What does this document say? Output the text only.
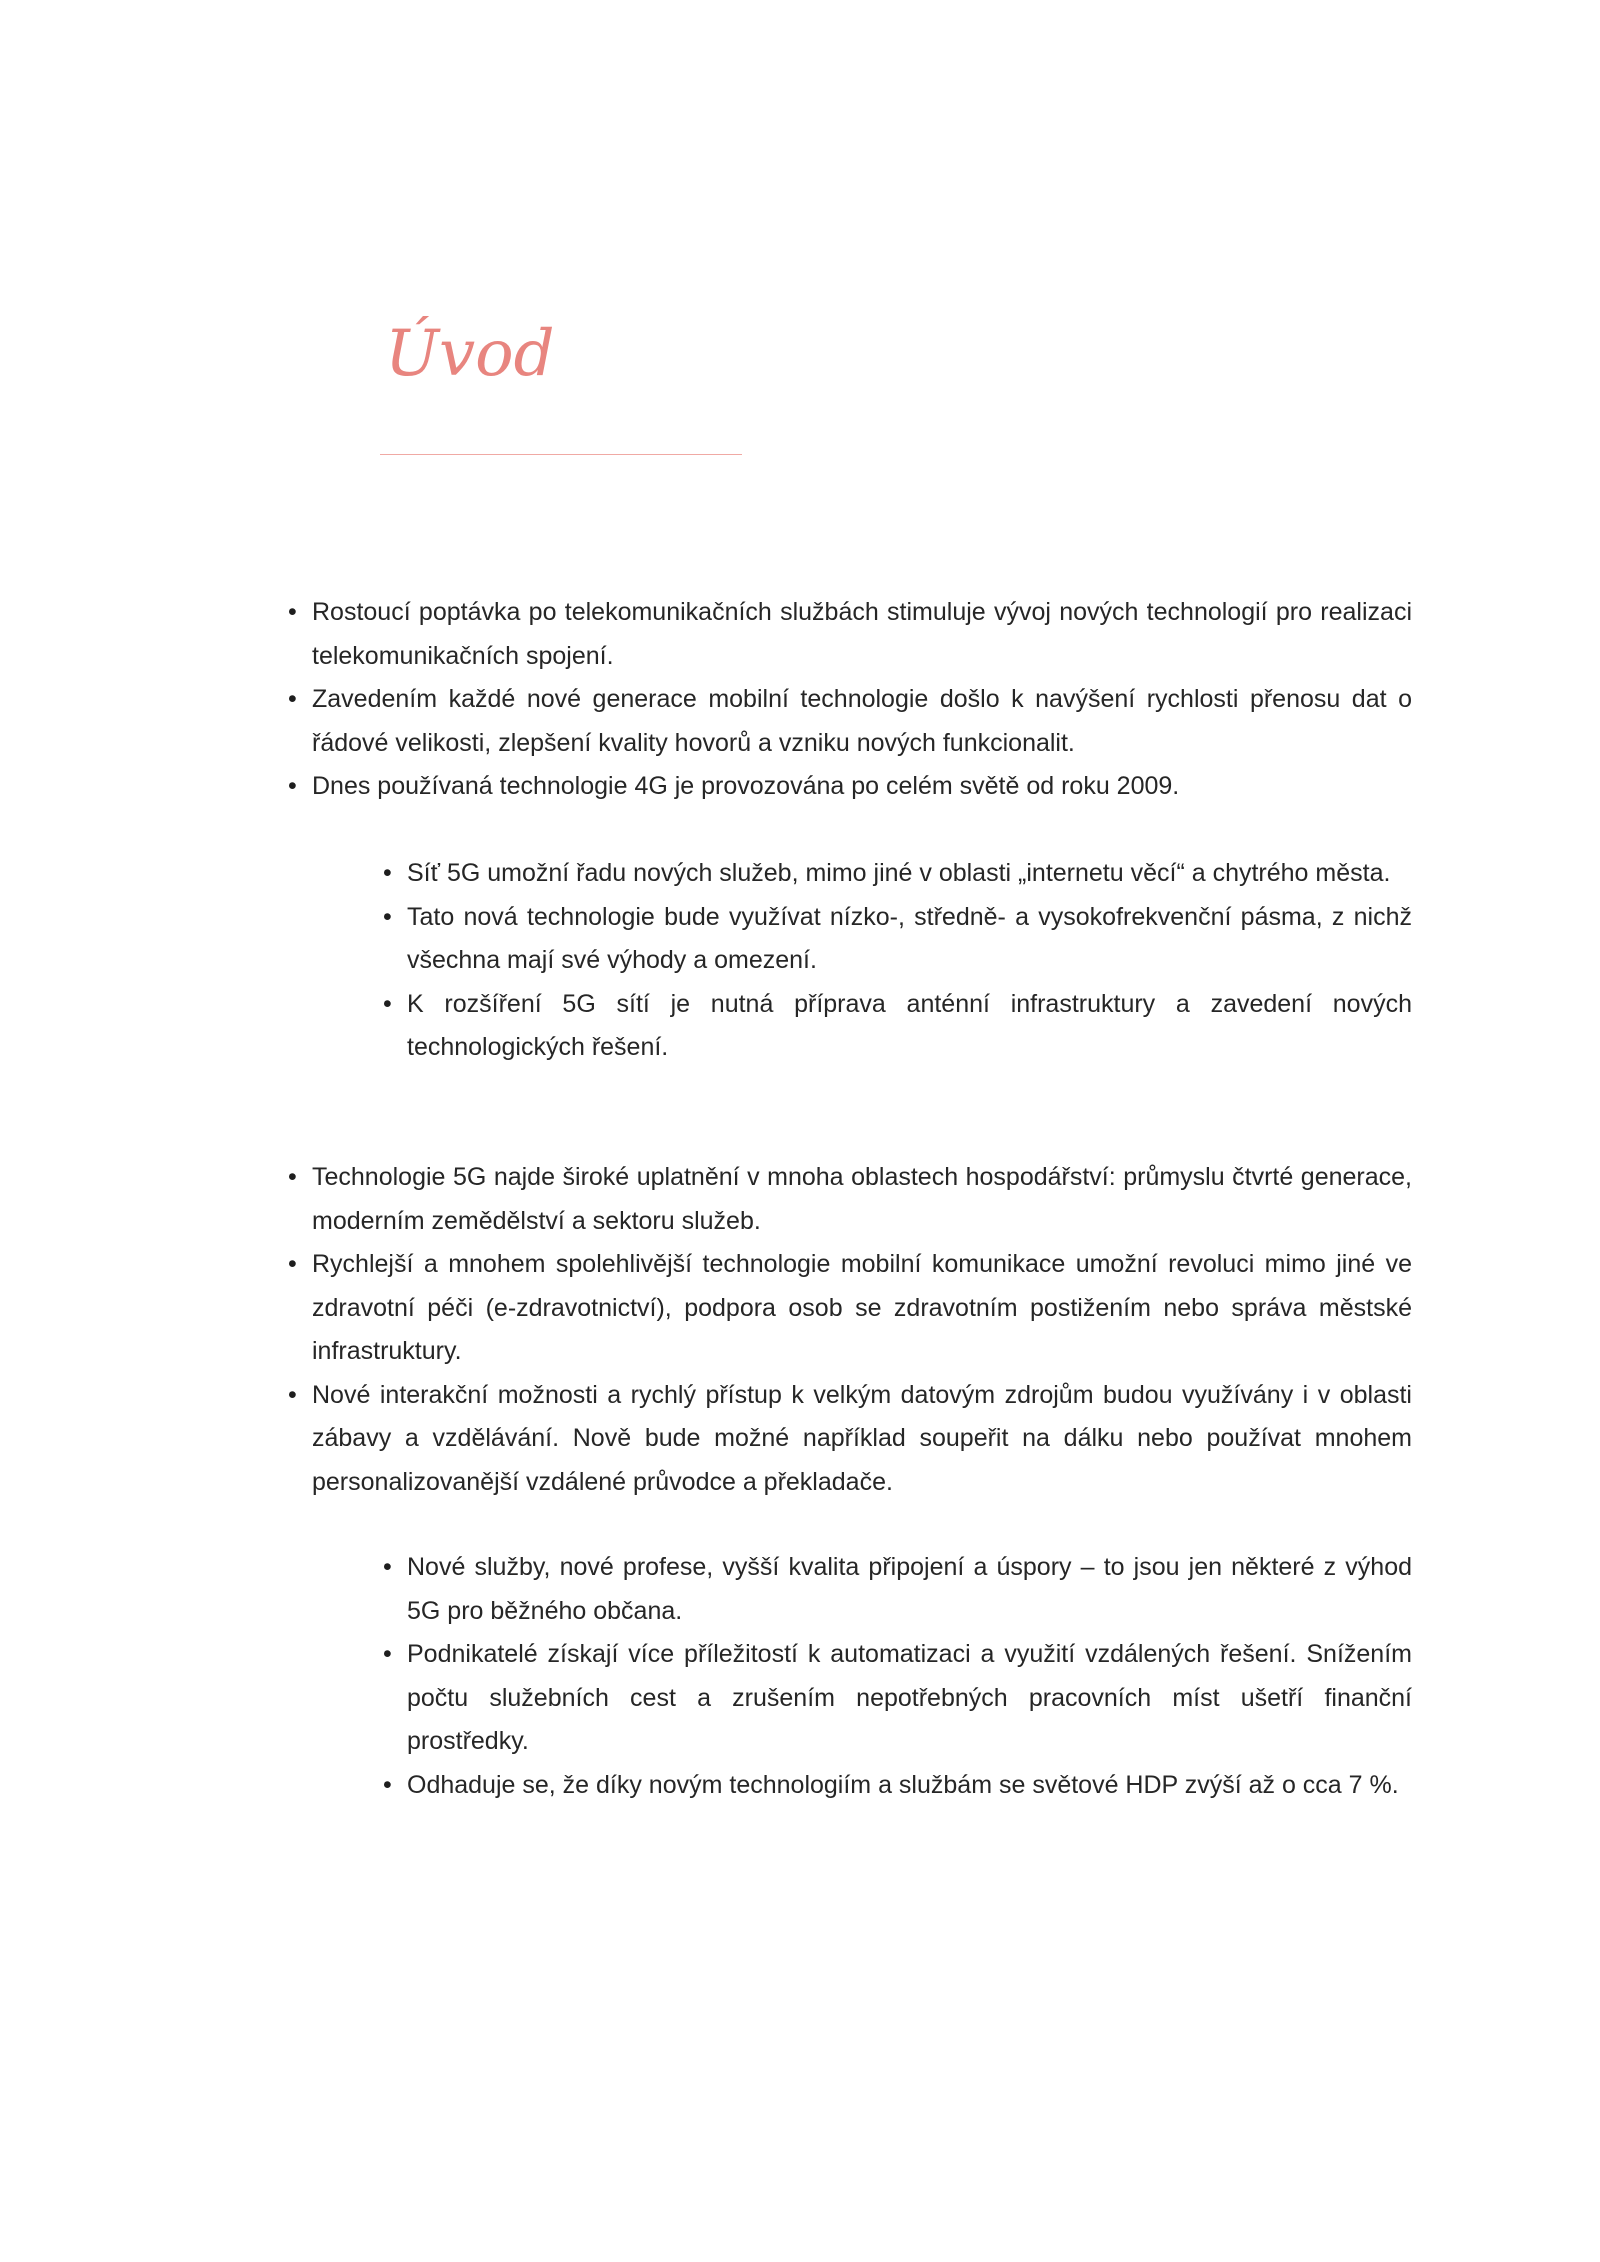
Úvod
• Rostoucí poptávka po telekomunikačních službách stimuluje vývoj nových technologií pro realizaci telekomunikačních spojení.
• Zavedením každé nové generace mobilní technologie došlo k navýšení rychlosti přenosu dat o řádové velikosti, zlepšení kvality hovorů a vzniku nových funkcionalit.
• Dnes používaná technologie 4G je provozována po celém světě od roku 2009.
• Síť 5G umožní řadu nových služeb, mimo jiné v oblasti „internetu věcí“ a chytrého města.
• Tato nová technologie bude využívat nízko-, středně- a vysokofrekvenční pásma, z nichž všechna mají své výhody a omezení.
• K rozšíření 5G sítí je nutná příprava anténní infrastruktury a zavedení nových technologických řešení.
• Technologie 5G najde široké uplatnění v mnoha oblastech hospodářství: průmyslu čtvrté generace, moderním zemědělství a sektoru služeb.
• Rychlejší a mnohem spolehlivější technologie mobilní komunikace umožní revoluci mimo jiné ve zdravotní péči (e-zdravotnictví), podpora osob se zdravotním postižením nebo správa městské infrastruktury.
• Nové interakční možnosti a rychlý přístup k velkým datovým zdrojům budou využívány i v oblasti zábavy a vzdělávání. Nově bude možné například soupeřit na dálku nebo používat mnohem personalizovanější vzdálené průvodce a překladače.
• Nové služby, nové profese, vyšší kvalita připojení a úspory – to jsou jen některé z výhod 5G pro běžného občana.
• Podnikatelé získají více příležitostí k automatizaci a využití vzdálených řešení. Snížením počtu služebních cest a zrušením nepotřebných pracovních míst ušetří finanční prostředky.
• Odhaduje se, že díky novým technologiím a službám se světové HDP zvýší až o cca 7 %.
